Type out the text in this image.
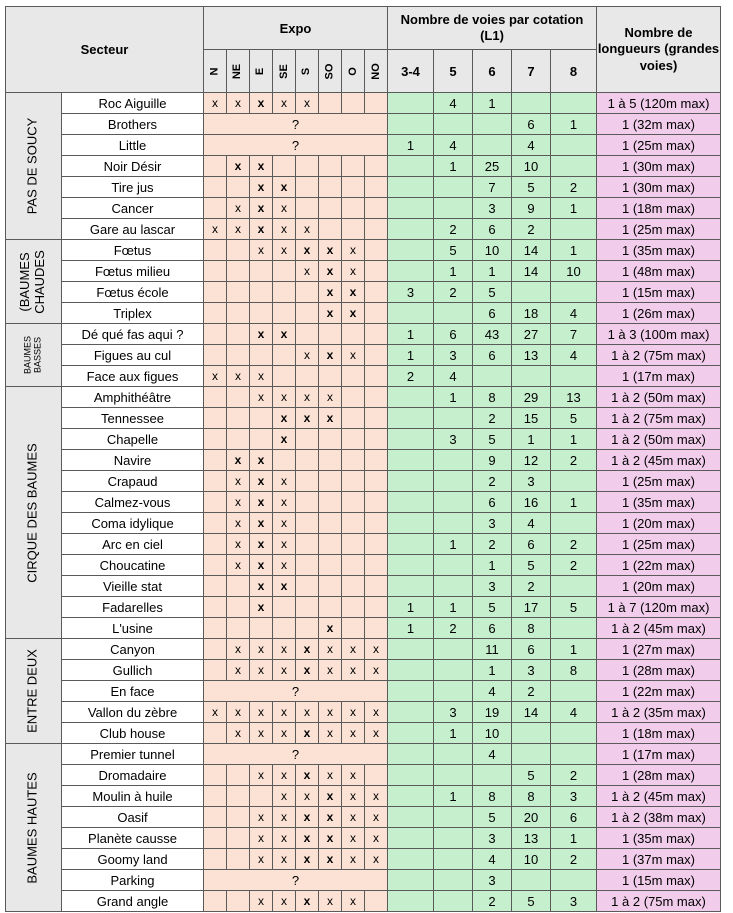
Secteur		Expo								Nombre de voies par cotation (L1)					Nombre de longueurs (grandes voies)
		N	NE	E	SE	S	SO	O	NO	3-4	5	6	7	8	

PAS DE SOUCY	Roc Aiguille	x	x	x	x	x					4	1			1 à 5 (120m max)
	Brothers	?											6	1	1 (32m max)
	Little	?								1	4		4		1 (25m max)
	Noir Désir		x	x							1	25	10		1 (30m max)
	Tire jus			x	x							7	5	2	1 (30m max)
	Cancer		x	x	x							3	9	1	1 (18m max)
	Gare au lascar	x	x	x	x	x					2	6	2		1 (25m max)

(BAUMES
CHAUDES	Fœtus			x	x	x	x	x			5	10	14	1	1 (35m max)
	Fœtus milieu					x	x	x			1	1	14	10	1 (48m max)
	Fœtus école						x	x		3	2	5			1 (15m max)
	Triplex						x	x				6	18	4	1 (26m max)

BAUMES
BASSES	Dé qué fas aqui ?			x	x					1	6	43	27	7	1 à 3 (100m max)
	Figues au cul					x	x	x		1	3	6	13	4	1 à 2 (75m max)
	Face aux figues	x	x	x						2	4				1 (17m max)

CIRQUE DES BAUMES	Amphithéâtre			x	x	x	x				1	8	29	13	1 à 2 (50m max)
	Tennessee				x	x	x					2	15	5	1 à 2 (75m max)
	Chapelle				x						3	5	1	1	1 à 2 (50m max)
	Navire		x	x								9	12	2	1 à 2 (45m max)
	Crapaud		x	x	x							2	3		1 (25m max)
	Calmez-vous		x	x	x							6	16	1	1 (35m max)
	Coma idylique		x	x	x							3	4		1 (20m max)
	Arc en ciel		x	x	x						1	2	6	2	1 (25m max)
	Choucatine		x	x	x							1	5	2	1 (22m max)
	Vieille stat			x	x							3	2		1 (20m max)
	Fadarelles			x						1	1	5	17	5	1 à 7 (120m max)
	L'usine						x			1	2	6	8		1 à 2 (45m max)

ENTRE DEUX	Canyon		x	x	x	x	x	x	x			11	6	1	1 (27m max)
	Gullich		x	x	x	x	x	x	x			1	3	8	1 (28m max)
	En face	?										4	2		1 (22m max)
	Vallon du zèbre	x	x	x	x	x	x	x	x		3	19	14	4	1 à 2 (35m max)
	Club house		x	x	x	x	x	x	x		1	10			1 (18m max)

BAUMES HAUTES	Premier tunnel	?										4			1 (17m max)
	Dromadaire			x	x	x	x	x					5	2	1 (28m max)
	Moulin à huile				x	x	x	x	x		1	8	8	3	1 à 2 (45m max)
	Oasif			x	x	x	x	x	x			5	20	6	1 à 2 (38m max)
	Planète causse			x	x	x	x	x	x			3	13	1	1 (35m max)
	Goomy land			x	x	x	x	x	x			4	10	2	1 (37m max)
	Parking	?										3			1 (15m max)
	Grand angle			x	x	x	x	x				2	5	3	1 à 2 (75m max)
